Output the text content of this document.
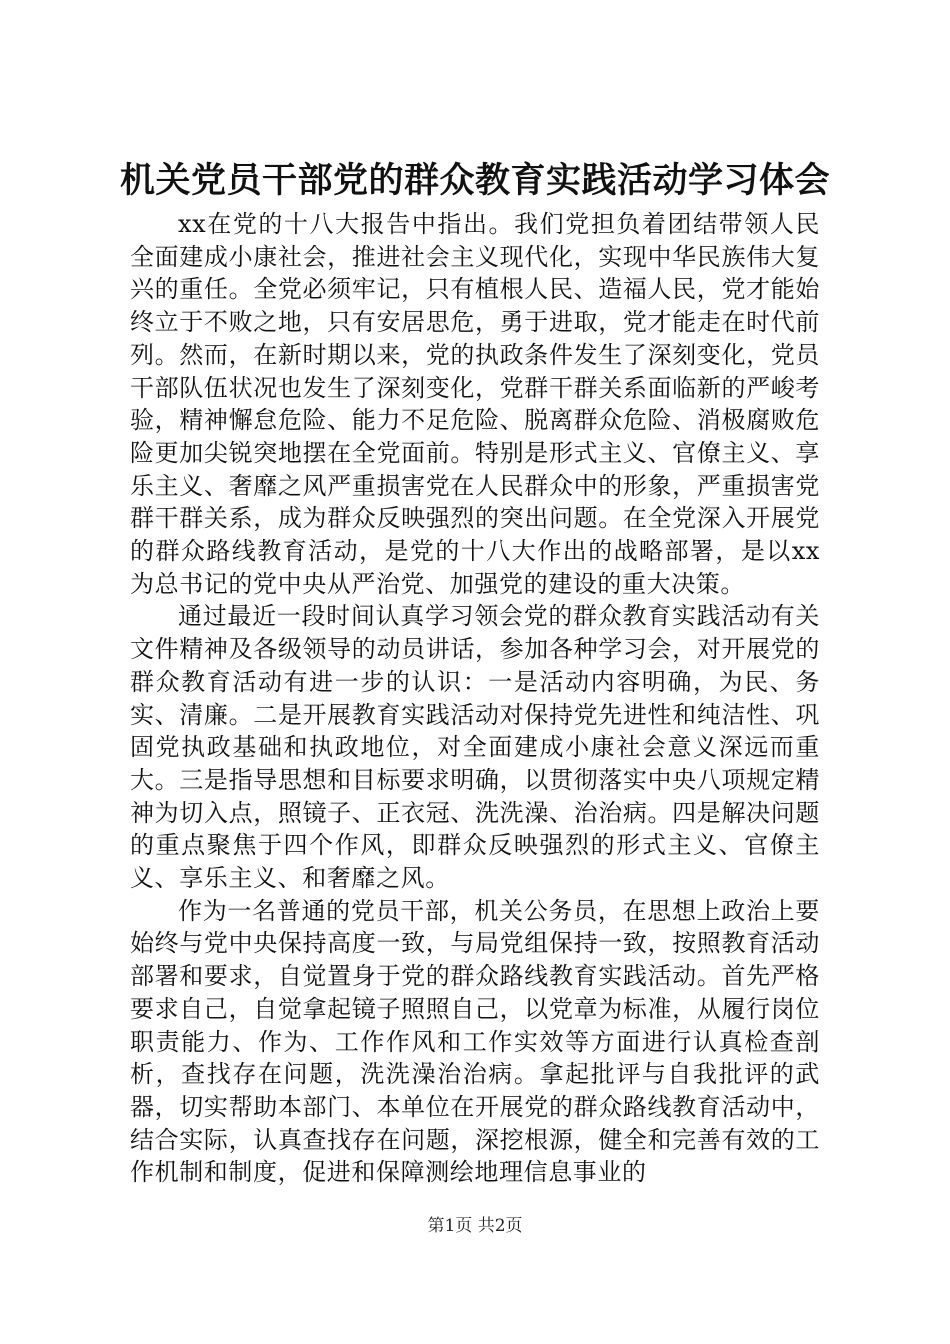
机关党员干部党的群众教育实践活动学习体会

xx在党的十八大报告中指出。我们党担负着团结带领人民全面建成小康社会，推进社会主义现代化，实现中华民族伟大复兴的重任。全党必须牢记，只有植根人民、造福人民，党才能始终立于不败之地，只有安居思危，勇于进取，党才能走在时代前列。然而，在新时期以来，党的执政条件发生了深刻变化，党员干部队伍状况也发生了深刻变化，党群干群关系面临新的严峻考验，精神懈怠危险、能力不足危险、脱离群众危险、消极腐败危险更加尖锐突地摆在全党面前。特别是形式主义、官僚主义、享乐主义、奢靡之风严重损害党在人民群众中的形象，严重损害党群干群关系，成为群众反映强烈的突出问题。在全党深入开展党的群众路线教育活动，是党的十八大作出的战略部署，是以xx为总书记的党中央从严治党、加强党的建设的重大决策。

通过最近一段时间认真学习领会党的群众教育实践活动有关文件精神及各级领导的动员讲话，参加各种学习会，对开展党的群众教育活动有进一步的认识：一是活动内容明确，为民、务实、清廉。二是开展教育实践活动对保持党先进性和纯洁性、巩固党执政基础和执政地位，对全面建成小康社会意义深远而重大。三是指导思想和目标要求明确，以贯彻落实中央八项规定精神为切入点，照镜子、正衣冠、洗洗澡、治治病。四是解决问题的重点聚焦于四个作风，即群众反映强烈的形式主义、官僚主义、享乐主义、和奢靡之风。

作为一名普通的党员干部，机关公务员，在思想上政治上要始终与党中央保持高度一致，与局党组保持一致，按照教育活动部署和要求，自觉置身于党的群众路线教育实践活动。首先严格要求自己，自觉拿起镜子照照自己，以党章为标准，从履行岗位职责能力、作为、工作作风和工作实效等方面进行认真检查剖析，查找存在问题，洗洗澡治治病。拿起批评与自我批评的武器，切实帮助本部门、本单位在开展党的群众路线教育活动中，结合实际，认真查找存在问题，深挖根源，健全和完善有效的工作机制和制度，促进和保障测绘地理信息事业的

第1页 共2页
